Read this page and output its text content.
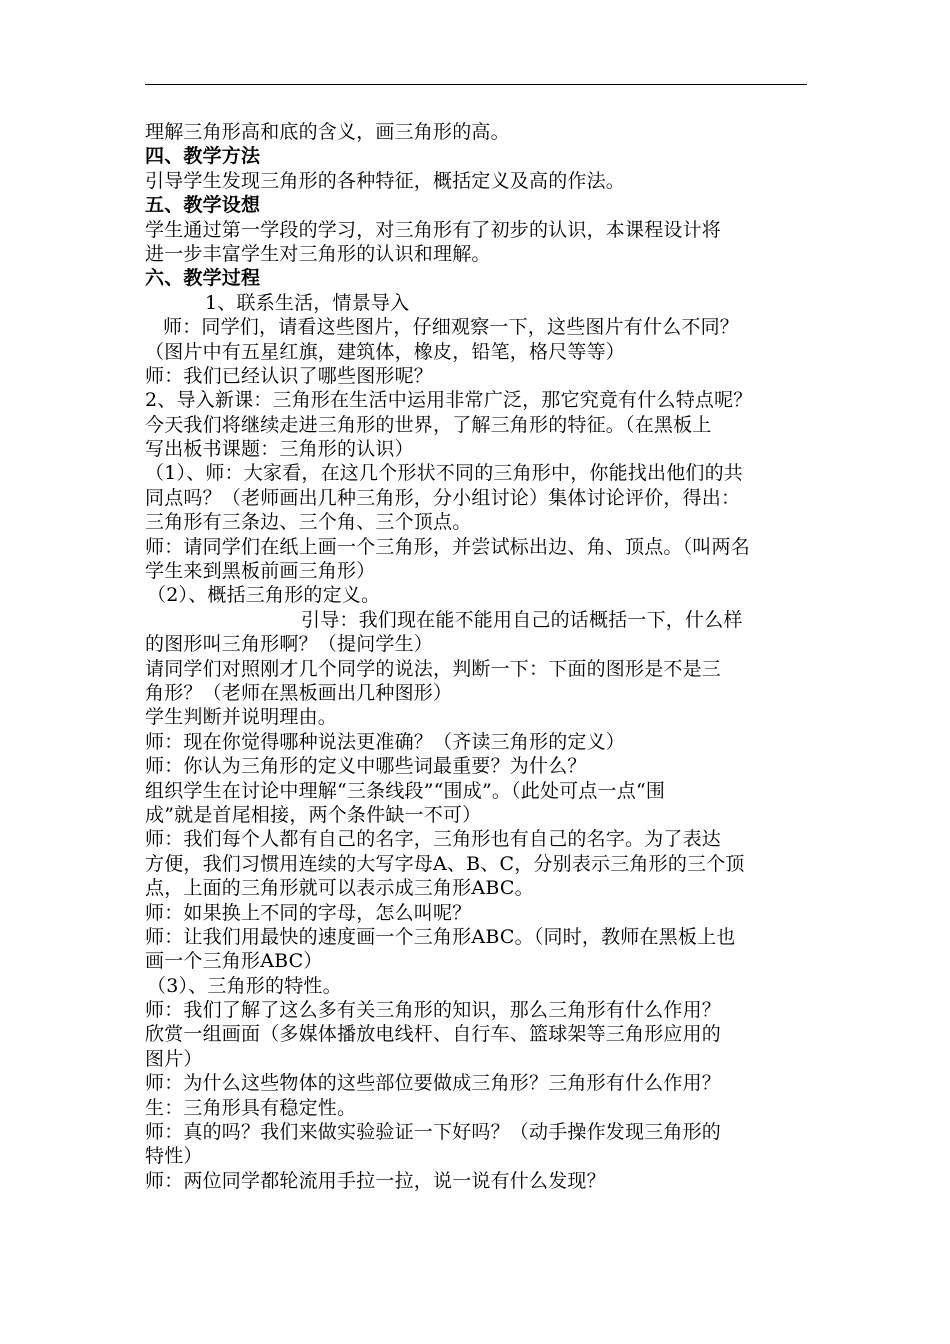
理解三角形高和底的含义，画三角形的高。
四、教学方法
引导学生发现三角形的各种特征，概括定义及高的作法。
五、教学设想
学生通过第一学段的学习，对三角形有了初步的认识，本课程设计将
进一步丰富学生对三角形的认识和理解。
六、教学过程
1、联系生活，情景导入
师：同学们，请看这些图片，仔细观察一下，这些图片有什么不同？
（图片中有五星红旗，建筑体，橡皮，铅笔，格尺等等）
师：我们已经认识了哪些图形呢？
2、导入新课：三角形在生活中运用非常广泛，那它究竟有什么特点呢？
今天我们将继续走进三角形的世界，了解三角形的特征。（在黑板上
写出板书课题：三角形的认识）
（1）、师：大家看，在这几个形状不同的三角形中，你能找出他们的共
同点吗？（老师画出几种三角形，分小组讨论）集体讨论评价，得出：
三角形有三条边、三个角、三个顶点。
师：请同学们在纸上画一个三角形，并尝试标出边、角、顶点。（叫两名
学生来到黑板前画三角形）
（2）、概括三角形的定义。
引导：我们现在能不能用自己的话概括一下，什么样
的图形叫三角形啊？（提问学生）
请同学们对照刚才几个同学的说法，判断一下：下面的图形是不是三
角形？（老师在黑板画出几种图形）
学生判断并说明理由。
师：现在你觉得哪种说法更准确？（齐读三角形的定义）
师：你认为三角形的定义中哪些词最重要？为什么？
组织学生在讨论中理解“三条线段”“围成”。（此处可点一点“围
成”就是首尾相接，两个条件缺一不可）
师：我们每个人都有自己的名字，三角形也有自己的名字。为了表达
方便，我们习惯用连续的大写字母A、B、C，分别表示三角形的三个顶
点，上面的三角形就可以表示成三角形ABC。
师：如果换上不同的字母，怎么叫呢？
师：让我们用最快的速度画一个三角形ABC。（同时，教师在黑板上也
画一个三角形ABC）
（3）、三角形的特性。
师：我们了解了这么多有关三角形的知识，那么三角形有什么作用？
欣赏一组画面（多媒体播放电线杆、自行车、篮球架等三角形应用的
图片）
师：为什么这些物体的这些部位要做成三角形？三角形有什么作用？
生：三角形具有稳定性。
师：真的吗？我们来做实验验证一下好吗？（动手操作发现三角形的
特性）
师：两位同学都轮流用手拉一拉，说一说有什么发现？
